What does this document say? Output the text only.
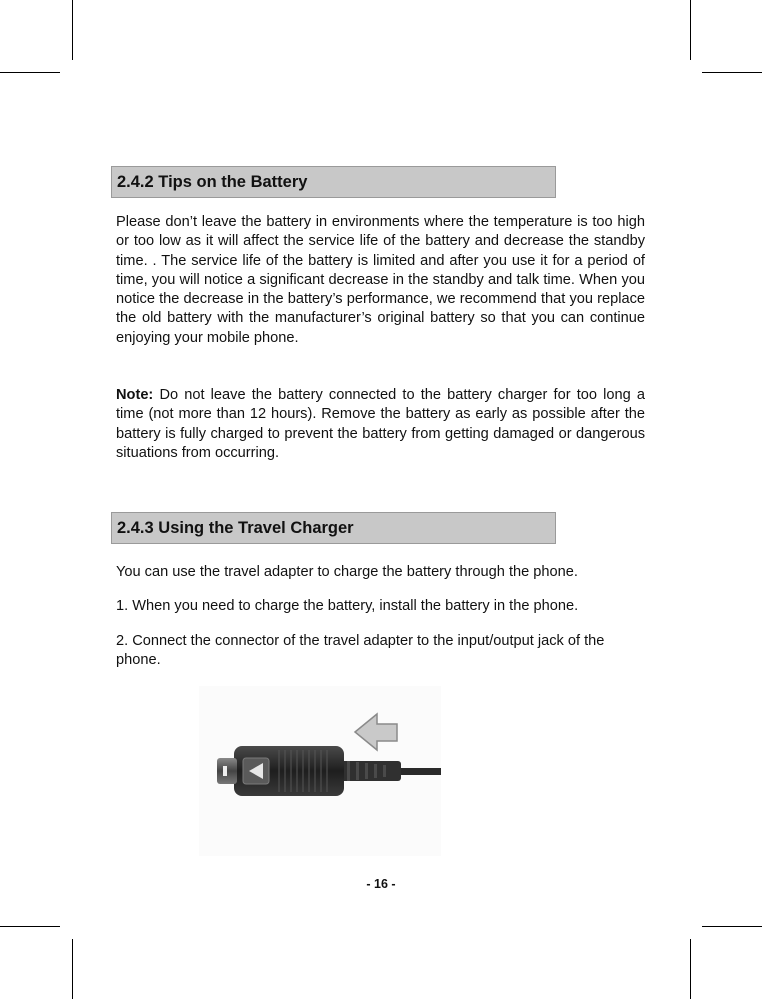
2.4.2 Tips on the Battery

Please don’t leave the battery in environments where the temperature is too high or too low as it will affect the service life of the battery and decrease the standby time. . The service life of the battery is limited and after you use it for a period of time, you will notice a significant decrease in the standby and talk time. When you notice the decrease in the battery’s performance, we recommend that you replace the old battery with the manufacturer’s original battery so that you can continue enjoying your mobile phone.

Note: Do not leave the battery connected to the battery charger for too long a time (not more than 12 hours). Remove the battery as early as possible after the battery is fully charged to prevent the battery from getting damaged or dangerous situations from occurring.

2.4.3 Using the Travel Charger

You can use the travel adapter to charge the battery through the phone.

1. When you need to charge the battery, install the battery in the phone.

2. Connect the connector of the travel adapter to the input/output jack of the phone.

- 16 -
